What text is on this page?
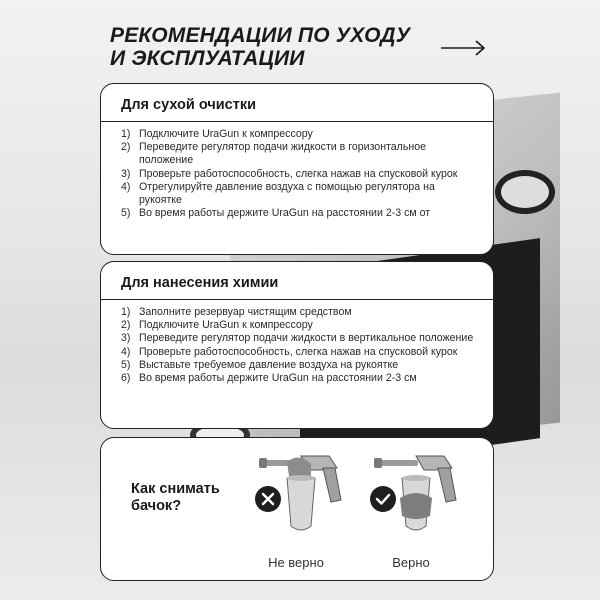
РЕКОМЕНДАЦИИ ПО УХОДУ
И ЭКСПЛУАТАЦИИ
Для сухой очистки
1) Подключите UraGun к компрессору
2) Переведите регулятор подачи жидкости в горизонтальное положение
3) Проверьте работоспособность, слегка нажав на спусковой курок
4) Отрегулируйте давление воздуха с помощью регулятора на рукоятке
5) Во время работы держите UraGun на расстоянии 2-3 см от
Для нанесения химии
1) Заполните резервуар чистящим средством
2) Подключите UraGun к компрессору
3) Переведите регулятор подачи жидкости в вертикальное положение
4) Проверьте работоспособность, слегка нажав на спусковой курок
5) Выставьте требуемое давление воздуха на рукоятке
6) Во время работы держите UraGun на расстоянии 2-3 см
Как снимать
бачок?
Не верно	Верно
